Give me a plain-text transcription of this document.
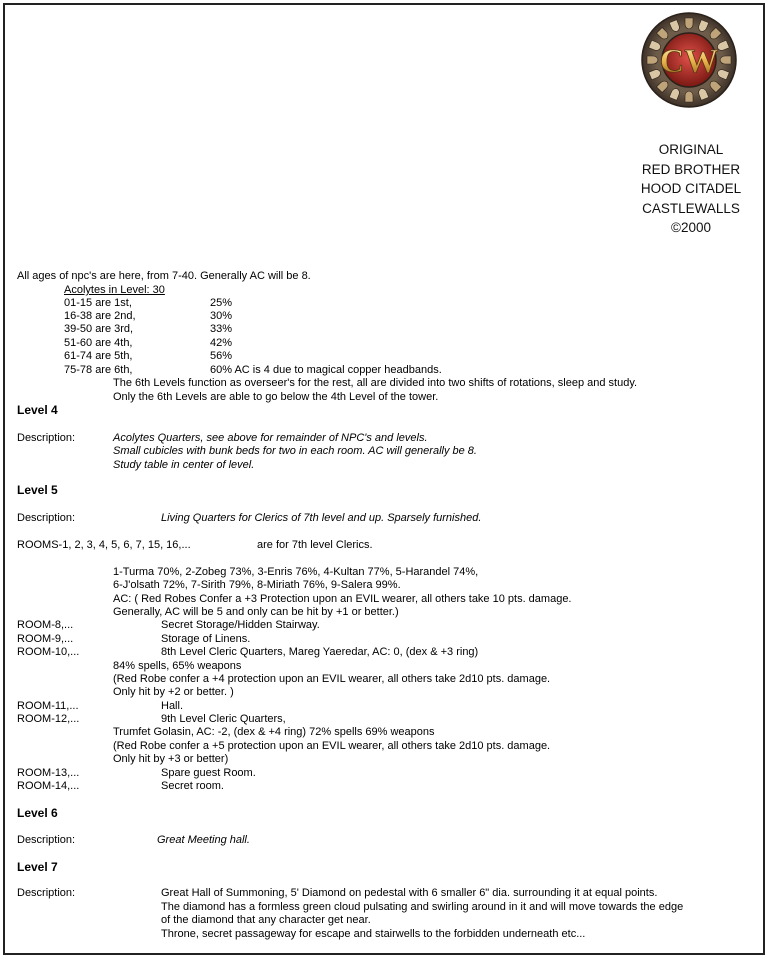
CW
ORIGINAL
RED BROTHER
HOOD CITADEL
CASTLEWALLS
©2000
All ages of npc's are here, from 7-40. Generally AC will be 8.
Acolytes in Level: 30
01-15 are 1st,	25%
16-38 are 2nd,	30%
39-50 are 3rd,	33%
51-60 are 4th,	42%
61-74 are 5th,	56%
75-78 are 6th,	60% AC is 4 due to magical copper headbands.
The 6th Levels function as overseer's for the rest, all are divided into two shifts of rotations, sleep and study.
Only the 6th Levels are able to go below the 4th Level of the tower.
Level 4
Description:	Acolytes Quarters, see above for remainder of NPC's and levels.
Small cubicles with bunk beds for two in each room. AC will generally be 8.
Study table in center of level.
Level 5
Description:	Living Quarters for Clerics of 7th level and up. Sparsely furnished.
ROOMS-1, 2, 3, 4, 5, 6, 7, 15, 16,...	are for 7th level Clerics.
1-Turma 70%, 2-Zobeg 73%, 3-Enris 76%, 4-Kultan 77%, 5-Harandel 74%,
6-J'olsath 72%, 7-Sirith 79%, 8-Miriath 76%, 9-Salera 99%.
AC: ( Red Robes Confer a +3 Protection upon an EVIL wearer, all others take 10 pts. damage.
Generally, AC will be 5 and only can be hit by +1 or better.)
ROOM-8,...	Secret Storage/Hidden Stairway.
ROOM-9,...	Storage of Linens.
ROOM-10,...	8th Level Cleric Quarters, Mareg Yaeredar, AC: 0, (dex & +3 ring)
84% spells, 65% weapons
(Red Robe confer a +4 protection upon an EVIL wearer, all others take 2d10 pts. damage.
Only hit by +2 or better. )
ROOM-11,...	Hall.
ROOM-12,...	9th Level Cleric Quarters,
Trumfet Golasin, AC: -2, (dex & +4 ring) 72% spells 69% weapons
(Red Robe confer a +5 protection upon an EVIL wearer, all others take 2d10 pts. damage.
Only hit by +3 or better)
ROOM-13,...	Spare guest Room.
ROOM-14,...	Secret room.
Level 6
Description:	Great Meeting hall.
Level 7
Description:	Great Hall of Summoning, 5' Diamond on pedestal with 6 smaller 6" dia. surrounding it at equal points.
The diamond has a formless green cloud pulsating and swirling around in it and will move towards the edge
of the diamond that any character get near.
Throne, secret passageway for escape and stairwells to the forbidden underneath etc...
